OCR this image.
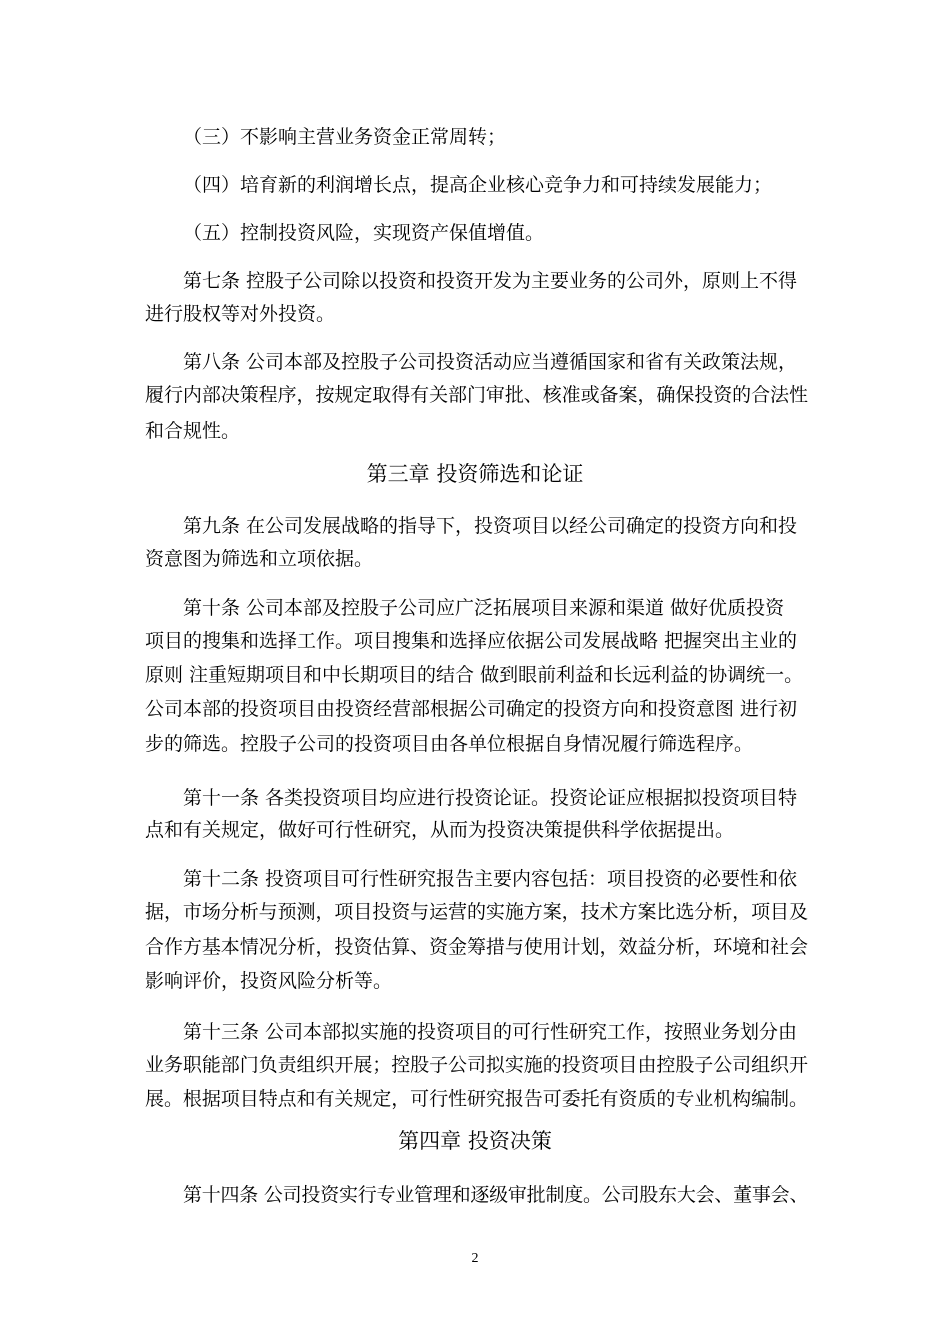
（三）不影响主营业务资金正常周转；
（四）培育新的利润增长点，提高企业核心竞争力和可持续发展能力；
（五）控制投资风险，实现资产保值增值。
第七条 控股子公司除以投资和投资开发为主要业务的公司外，原则上不得
进行股权等对外投资。
第八条 公司本部及控股子公司投资活动应当遵循国家和省有关政策法规，
履行内部决策程序，按规定取得有关部门审批、核准或备案，确保投资的合法性
和合规性。
第三章 投资筛选和论证
第九条 在公司发展战略的指导下，投资项目以经公司确定的投资方向和投
资意图为筛选和立项依据。
第十条 公司本部及控股子公司应广泛拓展项目来源和渠道 做好优质投资
项目的搜集和选择工作。项目搜集和选择应依据公司发展战略 把握突出主业的
原则 注重短期项目和中长期项目的结合 做到眼前利益和长远利益的协调统一。
公司本部的投资项目由投资经营部根据公司确定的投资方向和投资意图 进行初
步的筛选。控股子公司的投资项目由各单位根据自身情况履行筛选程序。
第十一条 各类投资项目均应进行投资论证。投资论证应根据拟投资项目特
点和有关规定，做好可行性研究，从而为投资决策提供科学依据提出。
第十二条 投资项目可行性研究报告主要内容包括：项目投资的必要性和依
据，市场分析与预测，项目投资与运营的实施方案，技术方案比选分析，项目及
合作方基本情况分析，投资估算、资金筹措与使用计划，效益分析，环境和社会
影响评价，投资风险分析等。
第十三条 公司本部拟实施的投资项目的可行性研究工作，按照业务划分由
业务职能部门负责组织开展；控股子公司拟实施的投资项目由控股子公司组织开
展。根据项目特点和有关规定，可行性研究报告可委托有资质的专业机构编制。
第四章 投资决策
第十四条 公司投资实行专业管理和逐级审批制度。公司股东大会、董事会、
2
